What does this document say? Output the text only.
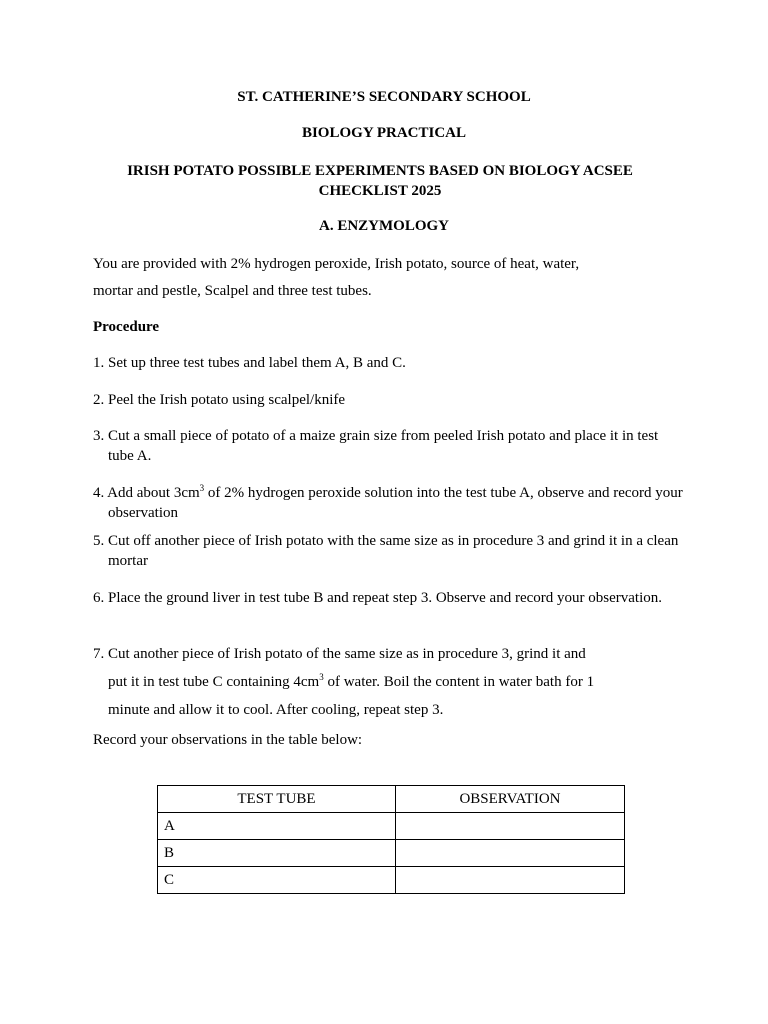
ST. CATHERINE’S SECONDARY SCHOOL

BIOLOGY PRACTICAL

IRISH POTATO POSSIBLE EXPERIMENTS BASED ON BIOLOGY ACSEE
CHECKLIST 2025

A. ENZYMOLOGY

You are provided with 2% hydrogen peroxide, Irish potato, source of heat, water,

mortar and pestle, Scalpel and three test tubes.

Procedure

1. Set up three test tubes and label them A, B and C.

2. Peel the Irish potato using scalpel/knife

3. Cut a small piece of potato of a maize grain size from peeled Irish potato and place it in test tube A.

4. Add about $3cm^3$ of 2% hydrogen peroxide solution into the test tube A, observe and record your observation

5. Cut off another piece of Irish potato with the same size as in procedure 3 and grind it in a clean mortar

6. Place the ground liver in test tube B and repeat step 3. Observe and record your observation.

7. Cut another piece of Irish potato of the same size as in procedure 3, grind it and
put it in test tube C containing $4cm^3$ of water. Boil the content in water bath for 1
minute and allow it to cool. After cooling, repeat step 3.

Record your observations in the table below:

TEST TUBE	OBSERVATION
A	
B	
C	
